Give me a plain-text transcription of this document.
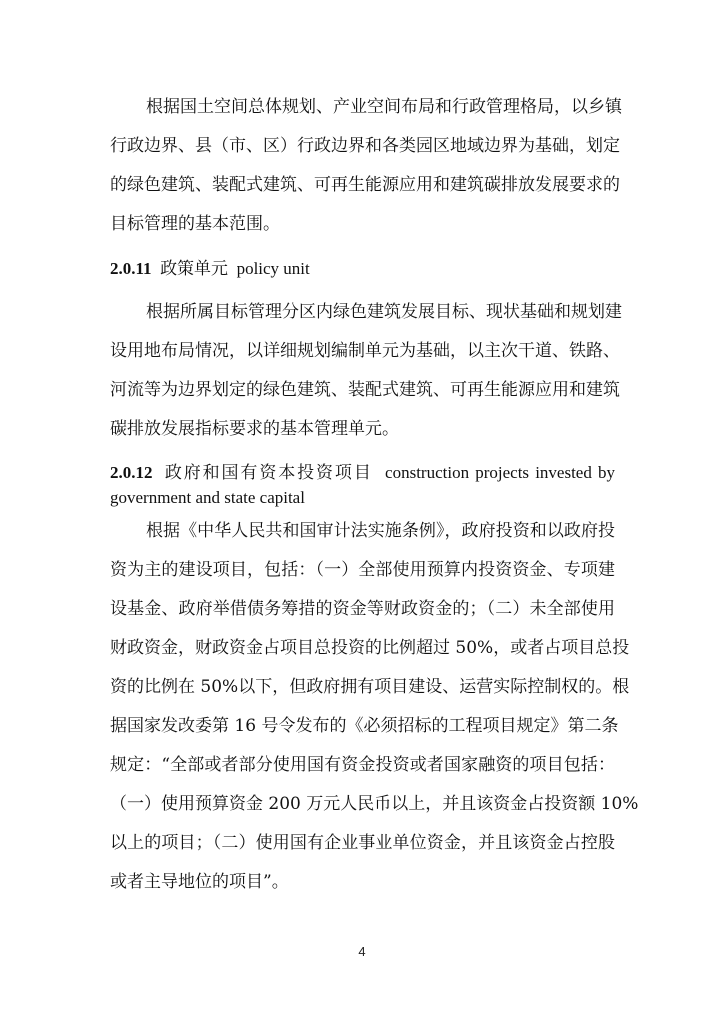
根据国土空间总体规划、产业空间布局和行政管理格局，以乡镇
行政边界、县（市、区）行政边界和各类园区地域边界为基础，划定
的绿色建筑、装配式建筑、可再生能源应用和建筑碳排放发展要求的
目标管理的基本范围。
2.0.11 政策单元 policy unit
根据所属目标管理分区内绿色建筑发展目标、现状基础和规划建
设用地布局情况，以详细规划编制单元为基础，以主次干道、铁路、
河流等为边界划定的绿色建筑、装配式建筑、可再生能源应用和建筑
碳排放发展指标要求的基本管理单元。
2.0.12 政府和国有资本投资项目 construction projects invested by
government and state capital
根据《中华人民共和国审计法实施条例》，政府投资和以政府投
资为主的建设项目，包括：（一）全部使用预算内投资资金、专项建
设基金、政府举借债务筹措的资金等财政资金的；（二）未全部使用
财政资金，财政资金占项目总投资的比例超过 50%，或者占项目总投
资的比例在 50%以下，但政府拥有项目建设、运营实际控制权的。根
据国家发改委第 16 号令发布的《必须招标的工程项目规定》第二条
规定：“全部或者部分使用国有资金投资或者国家融资的项目包括：
（一）使用预算资金 200 万元人民币以上，并且该资金占投资额 10%
以上的项目；（二）使用国有企业事业单位资金，并且该资金占控股
或者主导地位的项目”。
4
